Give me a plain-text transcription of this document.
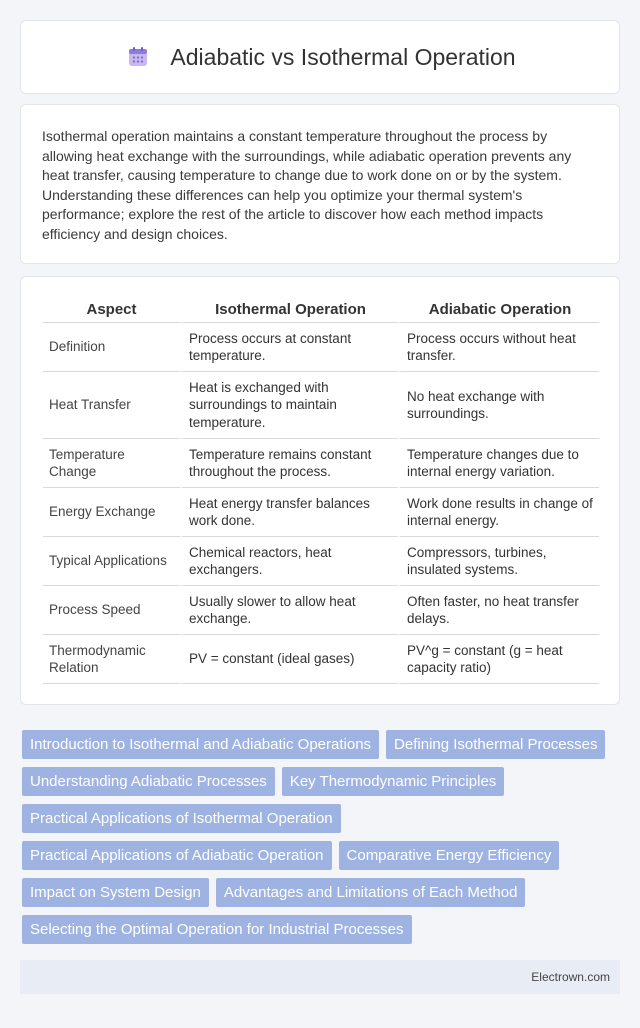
Adiabatic vs Isothermal Operation

Isothermal operation maintains a constant temperature throughout the process by allowing heat exchange with the surroundings, while adiabatic operation prevents any heat transfer, causing temperature to change due to work done on or by the system. Understanding these differences can help you optimize your thermal system's performance; explore the rest of the article to discover how each method impacts efficiency and design choices.

Aspect	Isothermal Operation	Adiabatic Operation
Definition	Process occurs at constant temperature.	Process occurs without heat transfer.
Heat Transfer	Heat is exchanged with surroundings to maintain temperature.	No heat exchange with surroundings.
Temperature Change	Temperature remains constant throughout the process.	Temperature changes due to internal energy variation.
Energy Exchange	Heat energy transfer balances work done.	Work done results in change of internal energy.
Typical Applications	Chemical reactors, heat exchangers.	Compressors, turbines, insulated systems.
Process Speed	Usually slower to allow heat exchange.	Often faster, no heat transfer delays.
Thermodynamic Relation	PV = constant (ideal gases)	PV^g = constant (g = heat capacity ratio)
Introduction to Isothermal and Adiabatic Operations	Defining Isothermal Processes
Understanding Adiabatic Processes	Key Thermodynamic Principles
Practical Applications of Isothermal Operation
Practical Applications of Adiabatic Operation	Comparative Energy Efficiency
Impact on System Design	Advantages and Limitations of Each Method
Selecting the Optimal Operation for Industrial Processes
Electrown.com
